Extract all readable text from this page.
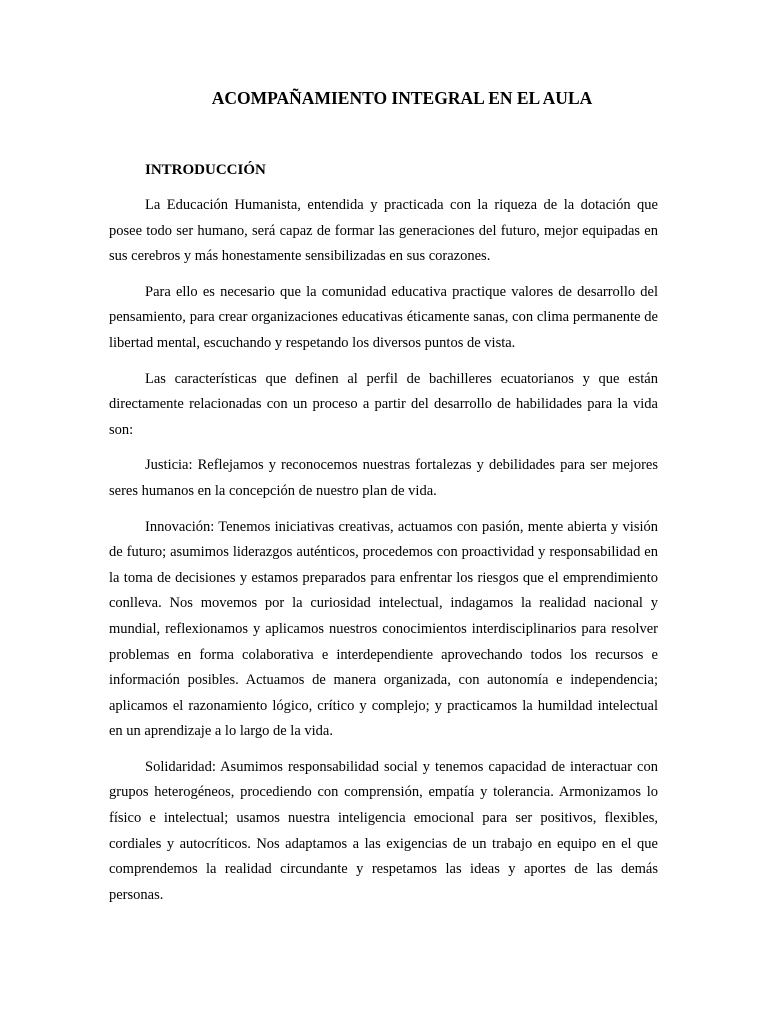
ACOMPAÑAMIENTO INTEGRAL EN EL AULA
INTRODUCCIÓN

La Educación Humanista, entendida y practicada con la riqueza de la dotación que posee todo ser humano, será capaz de formar las generaciones del futuro, mejor equipadas en sus cerebros y más honestamente sensibilizadas en sus corazones.

Para ello es necesario que la comunidad educativa practique valores de desarrollo del pensamiento, para crear organizaciones educativas éticamente sanas, con clima permanente de libertad mental, escuchando y respetando los diversos puntos de vista.

Las características que definen al perfil de bachilleres ecuatorianos y que están directamente relacionadas con un proceso a partir del desarrollo de habilidades para la vida son:

Justicia: Reflejamos y reconocemos nuestras fortalezas y debilidades para ser mejores seres humanos en la concepción de nuestro plan de vida.

Innovación: Tenemos iniciativas creativas, actuamos con pasión, mente abierta y visión de futuro; asumimos liderazgos auténticos, procedemos con proactividad y responsabilidad en la toma de decisiones y estamos preparados para enfrentar los riesgos que el emprendimiento conlleva. Nos movemos por la curiosidad intelectual, indagamos la realidad nacional y mundial, reflexionamos y aplicamos nuestros conocimientos interdisciplinarios para resolver problemas en forma colaborativa e interdependiente aprovechando todos los recursos e información posibles. Actuamos de manera organizada, con autonomía e independencia; aplicamos el razonamiento lógico, crítico y complejo; y practicamos la humildad intelectual en un aprendizaje a lo largo de la vida.

Solidaridad: Asumimos responsabilidad social y tenemos capacidad de interactuar con grupos heterogéneos, procediendo con comprensión, empatía y tolerancia. Armonizamos lo físico e intelectual; usamos nuestra inteligencia emocional para ser positivos, flexibles, cordiales y autocríticos. Nos adaptamos a las exigencias de un trabajo en equipo en el que comprendemos la realidad circundante y respetamos las ideas y aportes de las demás personas.
